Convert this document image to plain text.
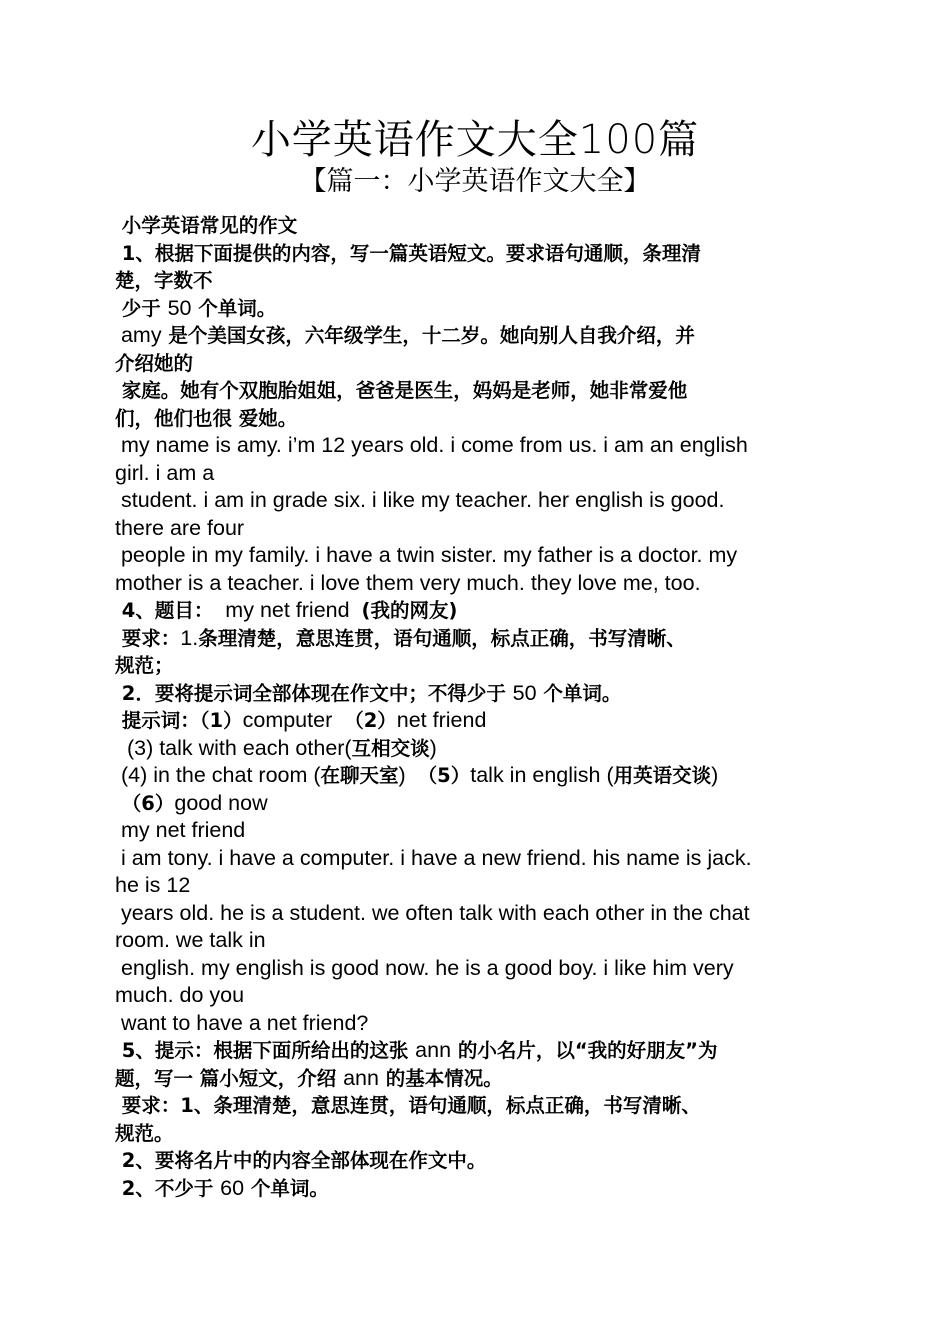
小学英语作文大全100篇
【篇一：小学英语作文大全】
小学英语常见的作文
1、根据下面提供的内容，写一篇英语短文。要求语句通顺，条理清
楚，字数不
少于 50 个单词。
amy 是个美国女孩，六年级学生，十二岁。她向别人自我介绍，并
介绍她的
家庭。她有个双胞胎姐姐，爸爸是医生，妈妈是老师，她非常爱他
们，他们也很 爱她。
my name is amy. i’m 12 years old. i come from us. i am an english
girl. i am a
student. i am in grade six. i like my teacher. her english is good.
there are four
people in my family. i have a twin sister. my father is a doctor. my
mother is a teacher. i love them very much. they love me, too.
4、题目：  my net friend  (我的网友)
要求：1.条理清楚，意思连贯，语句通顺，标点正确，书写清晰、
规范；
2．要将提示词全部体现在作文中；不得少于 50 个单词。
提示词：（1）computer  （2）net friend
(3) talk with each other(互相交谈)
(4) in the chat room (在聊天室)  （5）talk in english (用英语交谈)
（6）good now
my net friend
i am tony. i have a computer. i have a new friend. his name is jack.
he is 12
years old. he is a student. we often talk with each other in the chat
room. we talk in
english. my english is good now. he is a good boy. i like him very
much. do you
want to have a net friend?
5、提示：根据下面所给出的这张 ann 的小名片，以“我的好朋友”为
题，写一 篇小短文，介绍 ann 的基本情况。
要求：1、条理清楚，意思连贯，语句通顺，标点正确，书写清晰、
规范。
2、要将名片中的内容全部体现在作文中。
2、不少于 60 个单词。
